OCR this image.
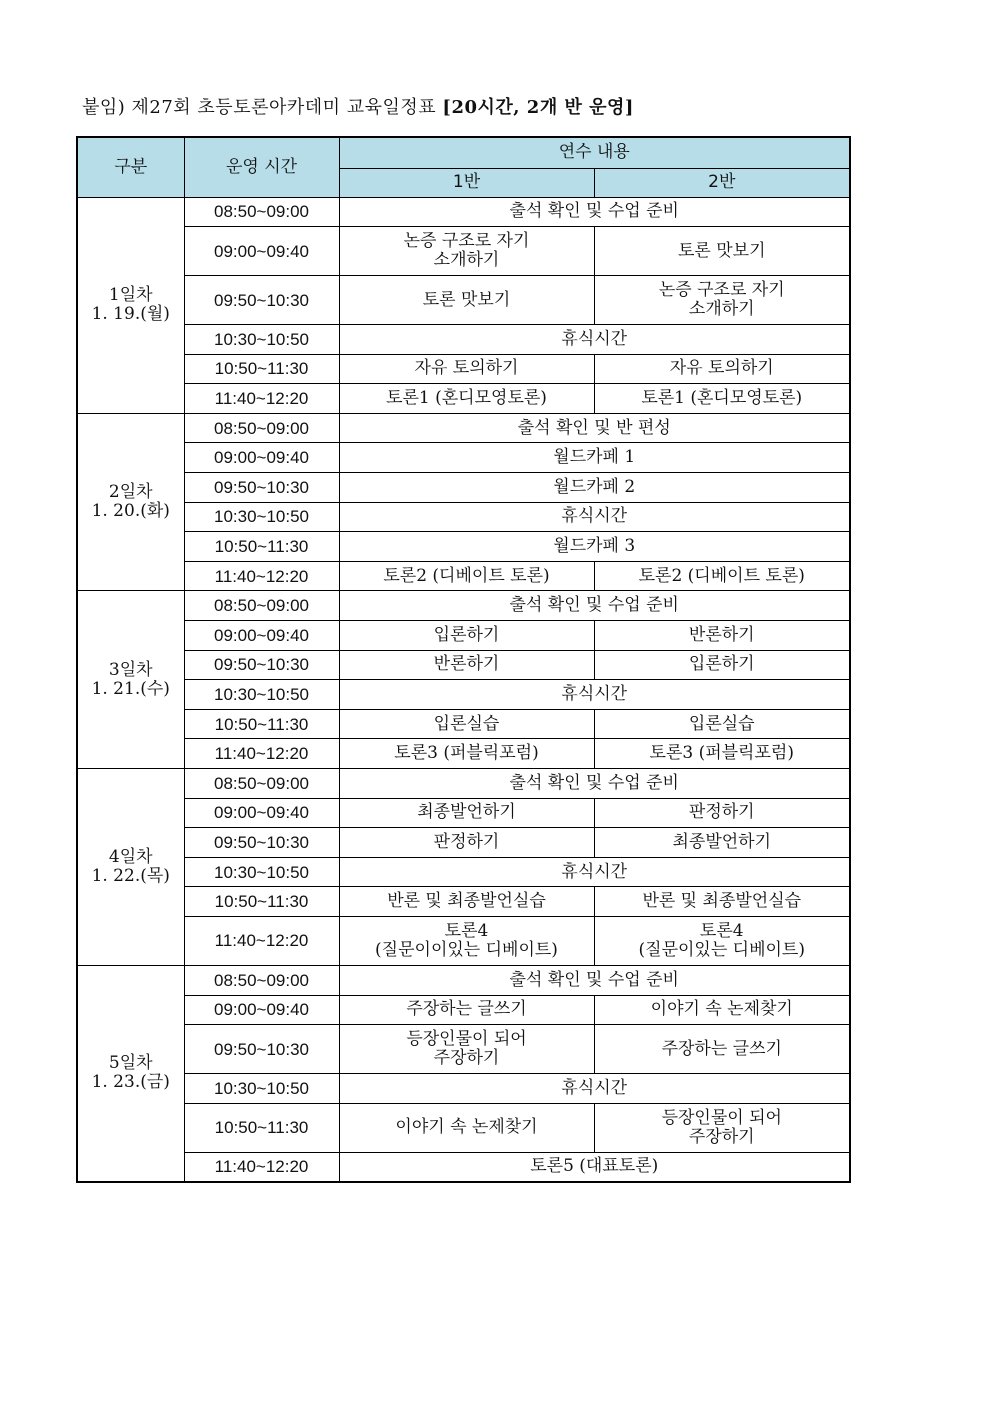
붙임) 제27회 초등토론아카데미 교육일정표 [20시간, 2개 반 운영]
구분	운영 시간	연수 내용	
		1반	2반

1일차
1. 19.(월)	08:50~09:00	출석 확인 및 수업 준비	
	09:00~09:40	논증 구조로 자기
소개하기	토론 맛보기

	09:50~10:30	토론 맛보기	논증 구조로 자기
소개하기

	10:30~10:50	휴식시간	
	10:50~11:30	자유 토의하기	자유 토의하기

	11:40~12:20	토론1 (혼디모영토론)	토론1 (혼디모영토론)

2일차
1. 20.(화)	08:50~09:00	출석 확인 및 반 편성	
	09:00~09:40	월드카페 1	
	09:50~10:30	월드카페 2	
	10:30~10:50	휴식시간	
	10:50~11:30	월드카페 3	
	11:40~12:20	토론2 (디베이트 토론)	토론2 (디베이트 토론)

3일차
1. 21.(수)	08:50~09:00	출석 확인 및 수업 준비	
	09:00~09:40	입론하기	반론하기

	09:50~10:30	반론하기	입론하기

	10:30~10:50	휴식시간	
	10:50~11:30	입론실습	입론실습

	11:40~12:20	토론3 (퍼블릭포럼)	토론3 (퍼블릭포럼)

4일차
1. 22.(목)	08:50~09:00	출석 확인 및 수업 준비	
	09:00~09:40	최종발언하기	판정하기

	09:50~10:30	판정하기	최종발언하기

	10:30~10:50	휴식시간	
	10:50~11:30	반론 및 최종발언실습	반론 및 최종발언실습

	11:40~12:20	토론4
(질문이이있는 디베이트)	토론4
(질문이있는 디베이트)

5일차
1. 23.(금)	08:50~09:00	출석 확인 및 수업 준비	
	09:00~09:40	주장하는 글쓰기	이야기 속 논제찾기

	09:50~10:30	등장인물이 되어
주장하기	주장하는 글쓰기

	10:30~10:50	휴식시간	
	10:50~11:30	이야기 속 논제찾기	등장인물이 되어
주장하기

	11:40~12:20	토론5 (대표토론)	
